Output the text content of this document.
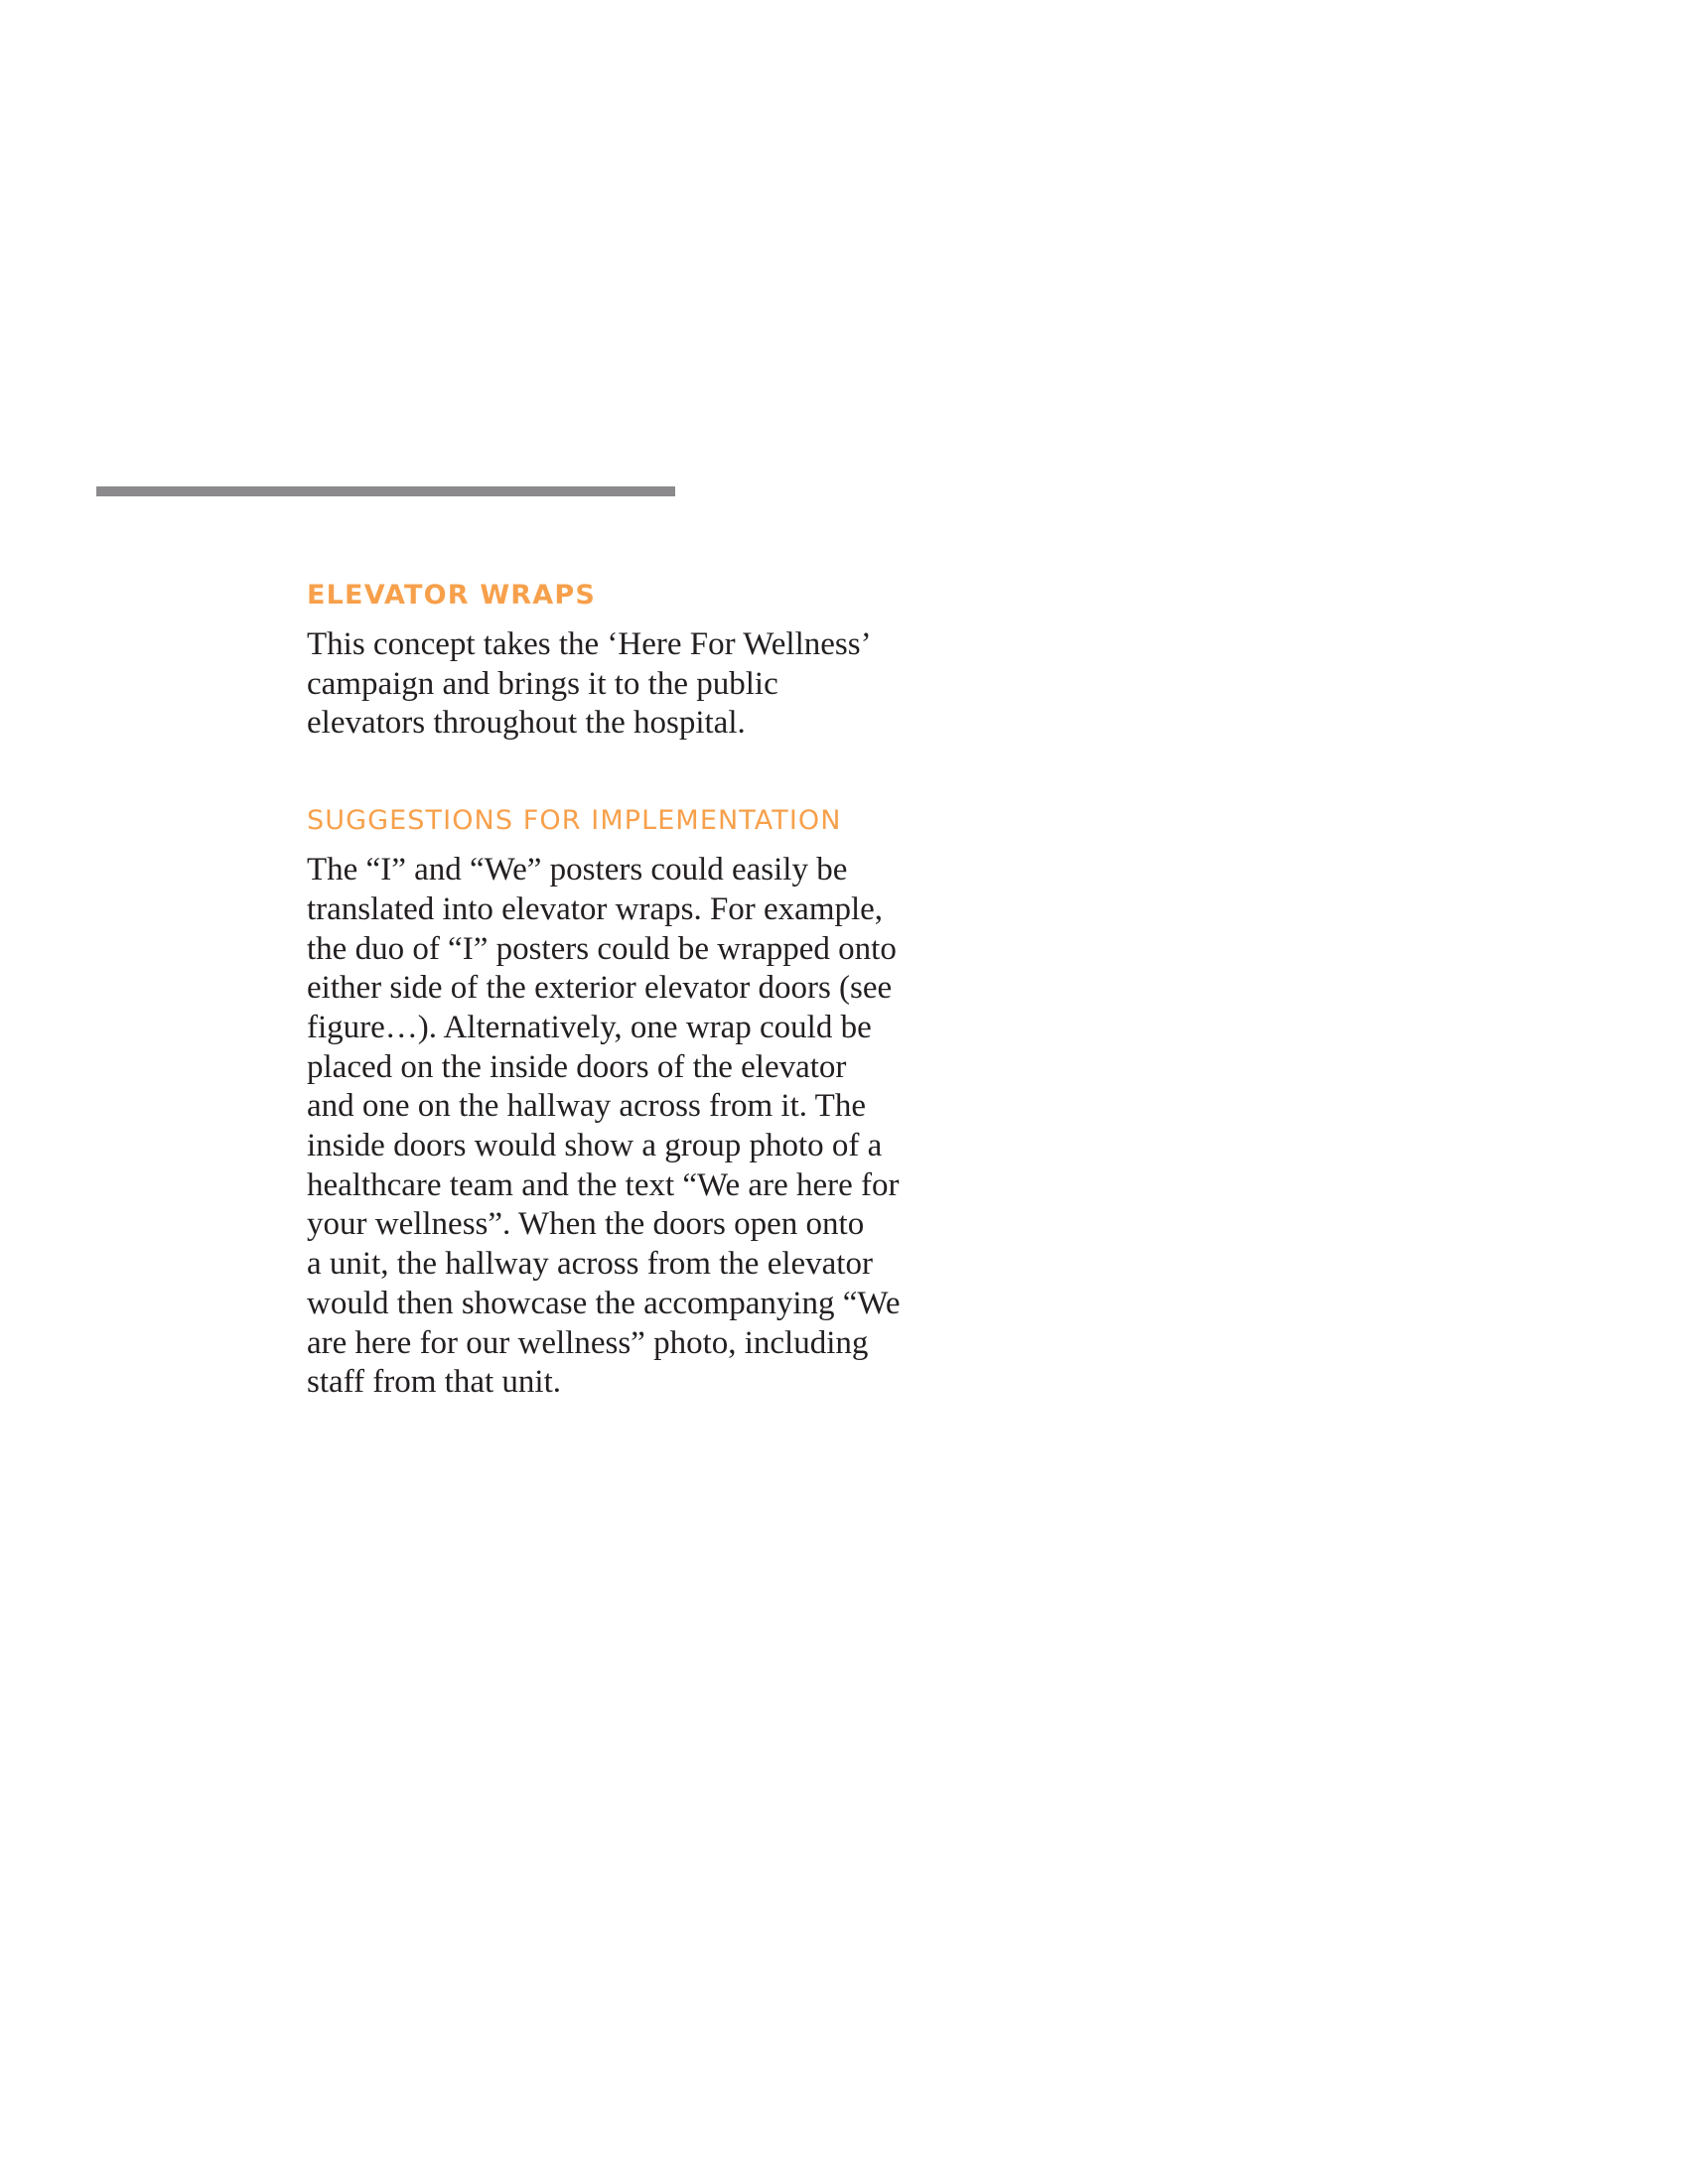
ELEVATOR WRAPS

This concept takes the ‘Here For Wellness’
campaign and brings it to the public
elevators throughout the hospital.

SUGGESTIONS FOR IMPLEMENTATION

The “I” and “We” posters could easily be
translated into elevator wraps. For example,
the duo of “I” posters could be wrapped onto
either side of the exterior elevator doors (see
figure…). Alternatively, one wrap could be
placed on the inside doors of the elevator
and one on the hallway across from it. The
inside doors would show a group photo of a
healthcare team and the text “We are here for
your wellness”. When the doors open onto
a unit, the hallway across from the elevator
would then showcase the accompanying “We
are here for our wellness” photo, including
staff from that unit.
